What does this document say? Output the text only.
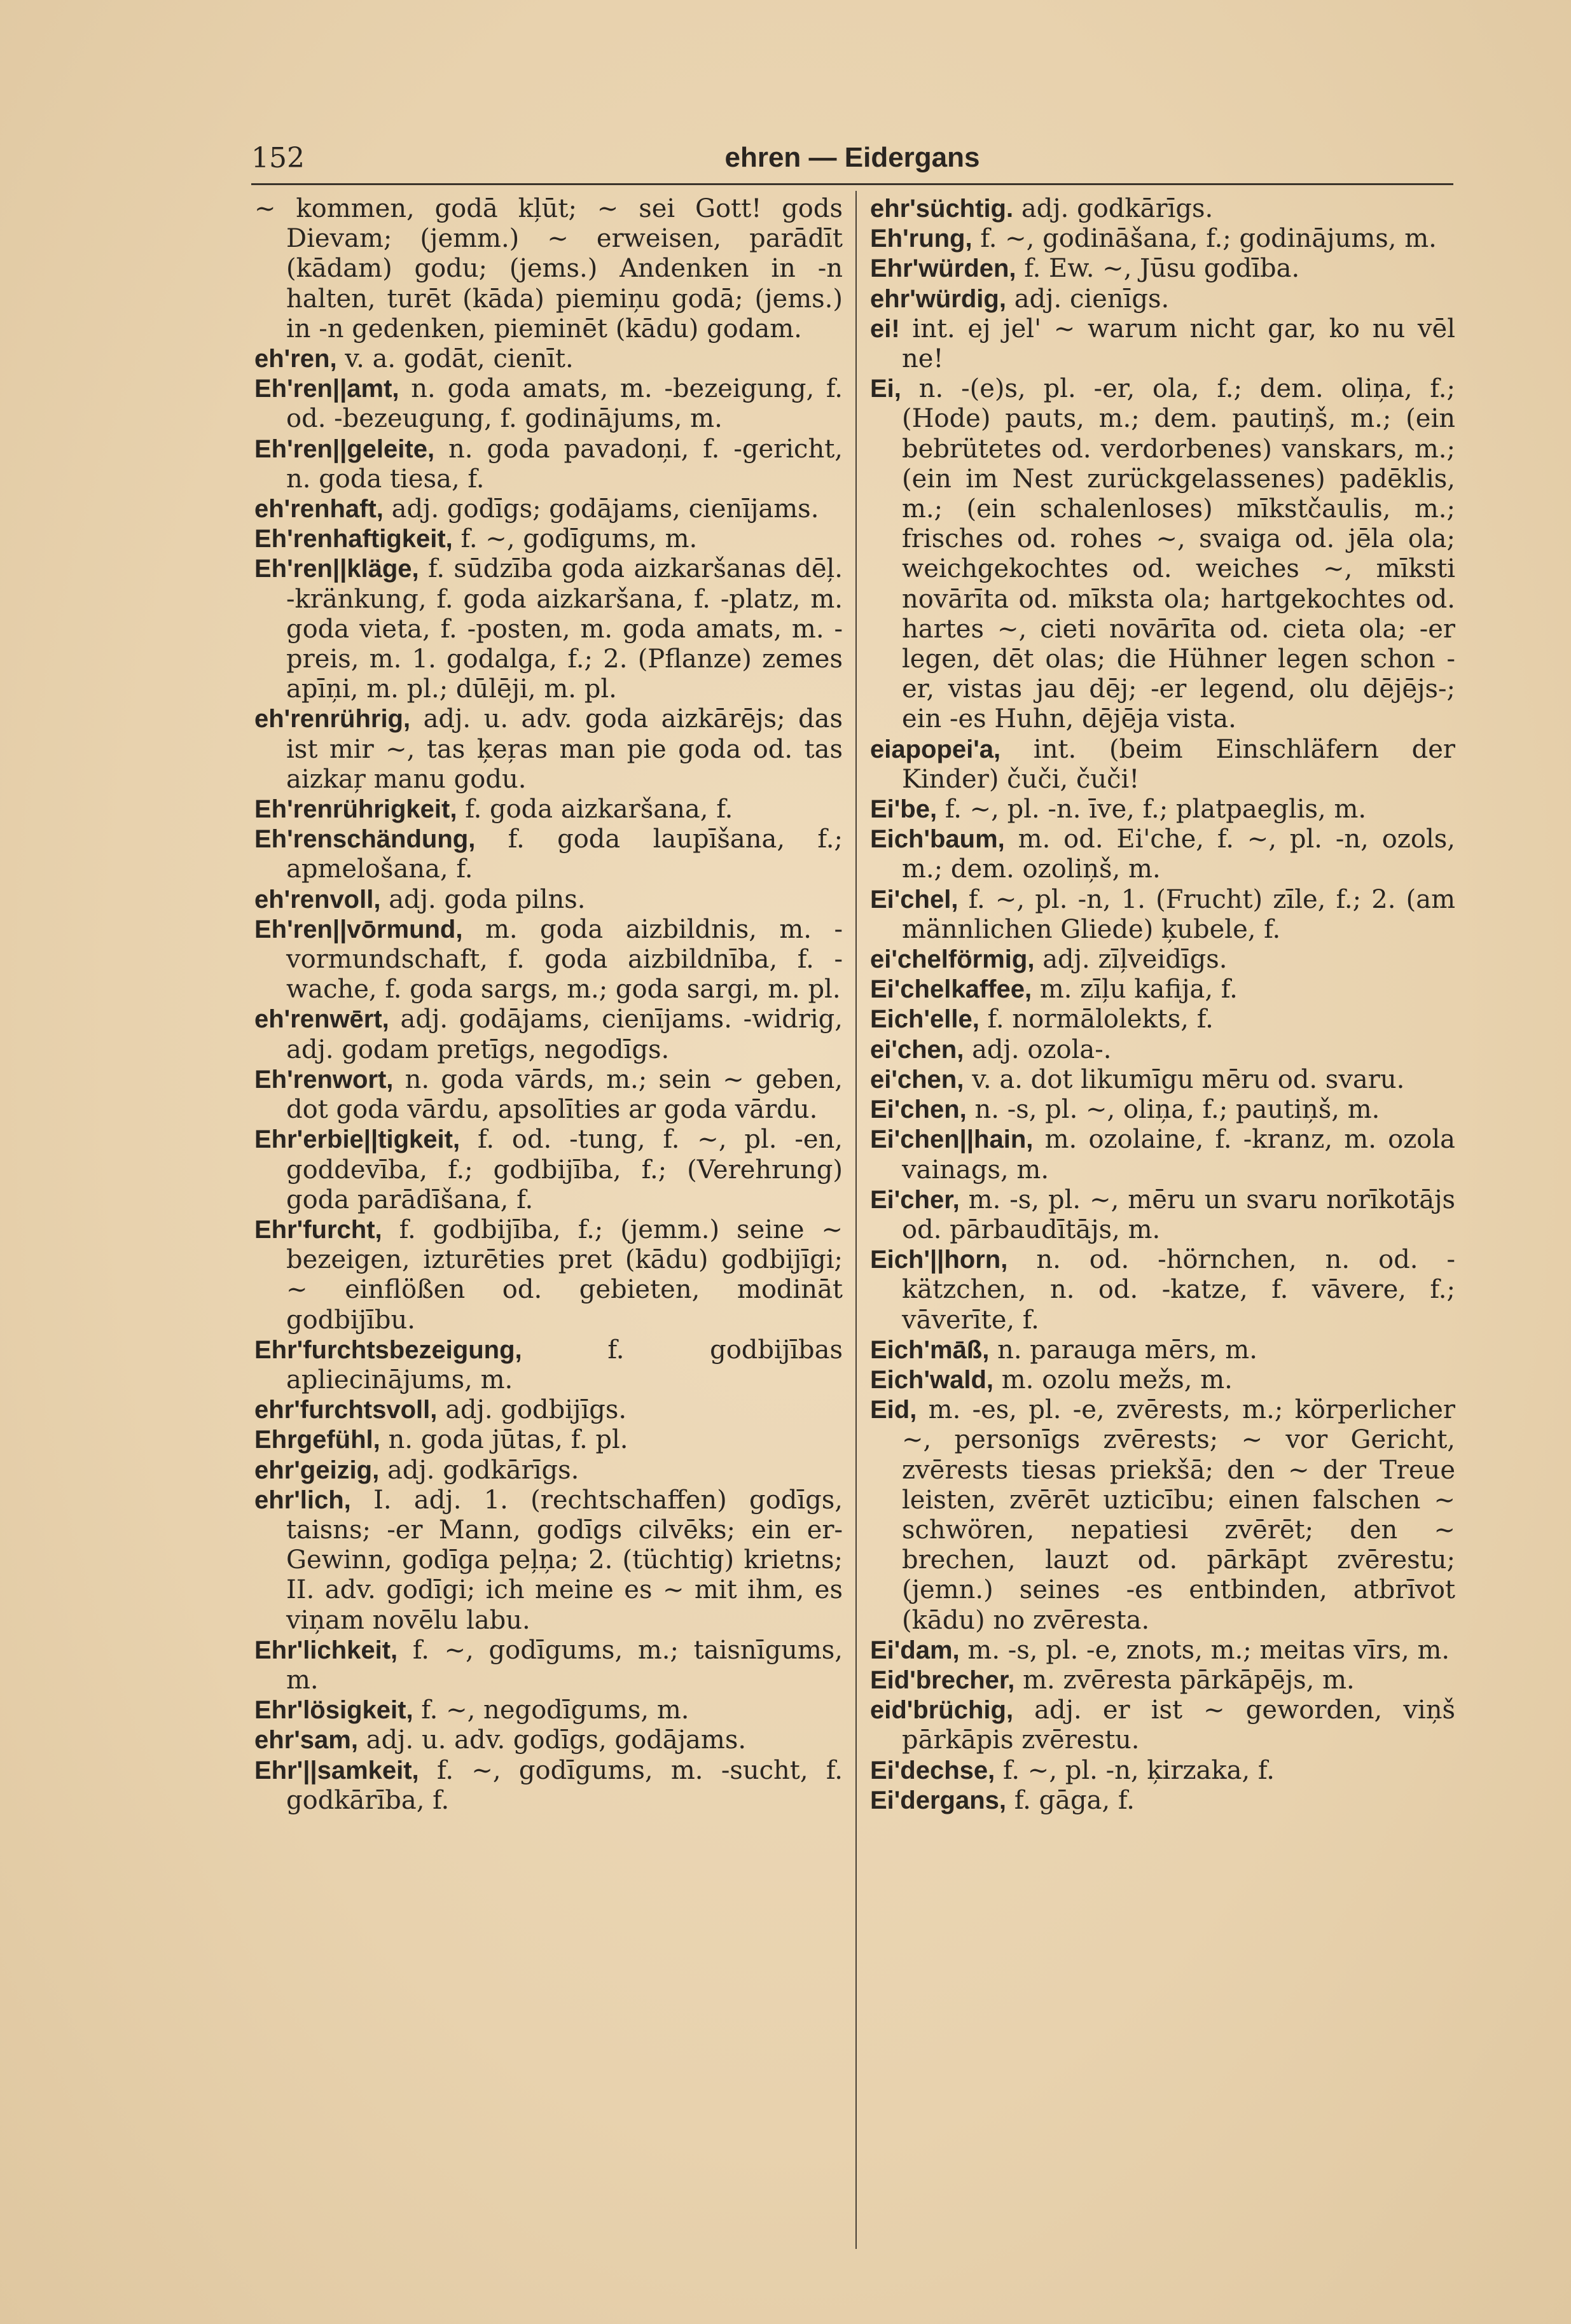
152	ehren — Eidergans

~ kommen, godā kļūt; ~ sei Gott! gods Dievam; (jemm.) ~ erweisen, parādīt (kādam) godu; (jems.) Andenken in -n halten, turēt (kāda) piemiņu godā; (jems.) in -n gedenken, pieminēt (kādu) godam.

eh'ren, v. a. godāt, cienīt.

Eh'ren||amt, n. goda amats, m. -bezeigung, f. od. -bezeugung, f. godinājums, m.

Eh'ren||geleite, n. goda pavadoņi, f. -gericht, n. goda tiesa, f.

eh'renhaft, adj. godīgs; godājams, cienījams.

Eh'renhaftigkeit, f. ~, godīgums, m.

Eh'ren||kläge, f. sūdzība goda aizkaršanas dēļ. -kränkung, f. goda aizkaršana, f. -platz, m. goda vieta, f. -posten, m. goda amats, m. -preis, m. 1. godalga, f.; 2. (Pflanze) zemes apīņi, m. pl.; dūlēji, m. pl.

eh'renrührig, adj. u. adv. goda aizkārējs; das ist mir ~, tas ķeŗas man pie goda od. tas aizkaŗ manu godu.

Eh'renrührigkeit, f. goda aizkaršana, f.

Eh'renschändung, f. goda laupīšana, f.; apmelošana, f.

eh'renvoll, adj. goda pilns.

Eh'ren||vōrmund, m. goda aizbildnis, m. -vormundschaft, f. goda aizbildnība, f. -wache, f. goda sargs, m.; goda sargi, m. pl.

eh'renwērt, adj. godājams, cienījams. -widrig, adj. godam pretīgs, negodīgs.

Eh'renwort, n. goda vārds, m.; sein ~ geben, dot goda vārdu, apsolīties ar goda vārdu.

Ehr'erbie||tigkeit, f. od. -tung, f. ~, pl. -en, goddevība, f.; godbijība, f.; (Verehrung) goda parādīšana, f.

Ehr'furcht, f. godbijība, f.; (jemm.) seine ~ bezeigen, izturēties pret (kādu) godbijīgi; ~ einflößen od. gebieten, modināt godbijību.

Ehr'furchtsbezeigung,	f. godbijības apliecinājums, m.

ehr'furchtsvoll, adj. godbijīgs.

Ehrgefühl, n. goda jūtas, f. pl.

ehr'geizig, adj. godkārīgs.

ehr'lich, I. adj. 1. (rechtschaffen) godīgs, taisns; -er Mann, godīgs cilvēks; ein er- Gewinn, godīga peļņa; 2. (tüchtig) krietns; II. adv. godīgi; ich meine es ~ mit ihm, es viņam novēlu labu.

Ehr'lichkeit, f. ~, godīgums, m.; taisnīgums, m.

Ehr'lösigkeit, f. ~, negodīgums, m.

ehr'sam, adj. u. adv. godīgs, godājams.

Ehr'||samkeit, f. ~, godīgums, m. -sucht, f. godkārība, f.

ehr'süchtig. adj. godkārīgs.

Eh'rung, f. ~, godināšana, f.; godinājums, m.

Ehr'würden, f. Ew. ~, Jūsu godība.

ehr'würdig, adj. cienīgs.

ei! int. ej jel' ~ warum nicht gar, ko nu vēl ne!

Ei, n. -(e)s, pl. -er, ola, f.; dem. oliņa, f.; (Hode) pauts, m.; dem. pautiņš, m.; (ein bebrütetes od. verdorbenes) vanskars, m.; (ein im Nest zurückgelassenes) padēklis, m.; (ein schalenloses) mīkstčaulis, m.; frisches od. rohes ~, svaiga od. jēla ola; weichgekochtes od. weiches ~, mīksti novārīta od. mīksta ola; hartgekochtes od. hartes ~, cieti novārīta od. cieta ola; -er legen, dēt olas; die Hühner legen schon -er, vistas jau dēj; -er legend, olu dējējs-; ein -es Huhn, dējēja vista.

eiapopei'a, int. (beim Einschläfern der Kinder) čuči, čuči!

Ei'be, f. ~, pl. -n. īve, f.; platpaeglis, m.

Eich'baum, m. od. Ei'che, f. ~, pl. -n, ozols, m.; dem. ozoliņš, m.

Ei'chel, f. ~, pl. -n, 1. (Frucht) zīle, f.; 2. (am männlichen Gliede) ķubele, f.

ei'chelförmig, adj. zīļveidīgs.

Ei'chelkaffee, m. zīļu kafija, f.

Eich'elle, f. normālolekts, f.

ei'chen, adj. ozola-.

ei'chen, v. a. dot likumīgu mēru od. svaru.

Ei'chen, n. -s, pl. ~, oliņa, f.; pautiņš, m.

Ei'chen||hain, m. ozolaine, f. -kranz, m. ozola vainags, m.

Ei'cher, m. -s, pl. ~, mēru un svaru norīkotājs od. pārbaudītājs, m.

Eich'||horn, n. od. -hörnchen, n. od. -kätzchen, n. od. -katze, f. vāvere, f.; vāverīte, f.

Eich'māß, n. parauga mērs, m.

Eich'wald, m. ozolu mežs, m.

Eid, m. -es, pl. -e, zvērests, m.; körperlicher ~, personīgs zvērests; ~ vor Gericht, zvērests tiesas priekšā; den ~ der Treue leisten, zvērēt uzticību; einen falschen ~ schwören, nepatiesi zvērēt; den ~ brechen, lauzt od. pārkāpt zvērestu; (jemn.) seines -es entbinden, atbrīvot (kādu) no zvēresta.

Ei'dam, m. -s, pl. -e, znots, m.; meitas vīrs, m.

Eid'brecher, m. zvēresta pārkāpējs, m.

eid'brüchig, adj. er ist ~ geworden, viņš pārkāpis zvērestu.

Ei'dechse, f. ~, pl. -n, ķirzaka, f.

Ei'dergans, f. gāga, f.
